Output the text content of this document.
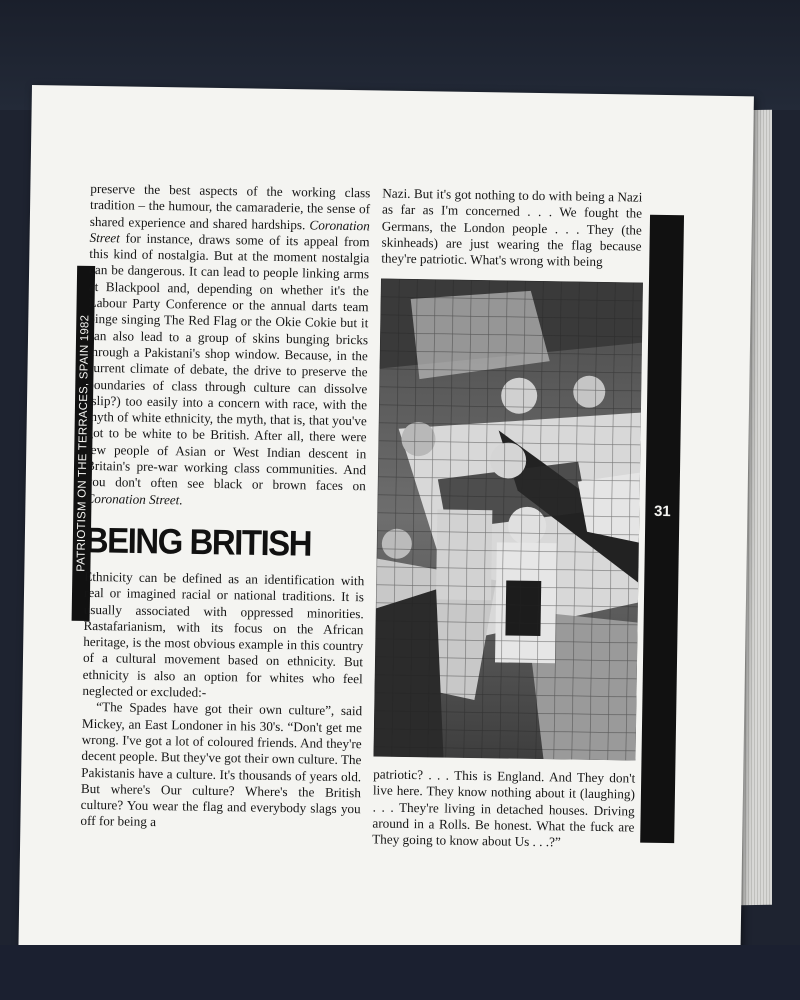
PATRIOTISM ON THE TERRACES, SPAIN 1982

preserve the best aspects of the working class tradition – the humour, the camaraderie, the sense of shared experience and shared hardships. Coronation Street for instance, draws some of its appeal from this kind of nostalgia. But at the moment nostalgia can be dangerous. It can lead to people linking arms at Blackpool and, depending on whether it's the Labour Party Conference or the annual darts team binge singing The Red Flag or the Okie Cokie but it can also lead to a group of skins bunging bricks through a Pakistani's shop window. Because, in the current climate of debate, the drive to preserve the boundaries of class through culture can dissolve (slip?) too easily into a concern with race, with the myth of white ethnicity, the myth, that is, that you've got to be white to be British. After all, there were few people of Asian or West Indian descent in Britain's pre-war working class communities. And you don't often see black or brown faces on Coronation Street.

BEING BRITISH

Ethnicity can be defined as an identification with real or imagined racial or national traditions. It is usually associated with oppressed minorities. Rastafarianism, with its focus on the African heritage, is the most obvious example in this country of a cultural movement based on ethnicity. But ethnicity is also an option for whites who feel neglected or excluded:-

“The Spades have got their own culture”, said Mickey, an East Londoner in his 30's. “Don't get me wrong. I've got a lot of coloured friends. And they're decent people. But they've got their own culture. The Pakistanis have a culture. It's thousands of years old. But where's Our culture? Where's the British culture? You wear the flag and everybody slags you off for being a

Nazi. But it's got nothing to do with being a Nazi as far as I'm concerned . . . We fought the Germans, the London people . . . They (the skinheads) are just wearing the flag because they're patriotic. What's wrong with being

patriotic? . . . This is England. And They don't live here. They know nothing about it (laughing) . . . They're living in detached houses. Driving around in a Rolls. Be honest. What the fuck are They going to know about Us . . .?”

31
